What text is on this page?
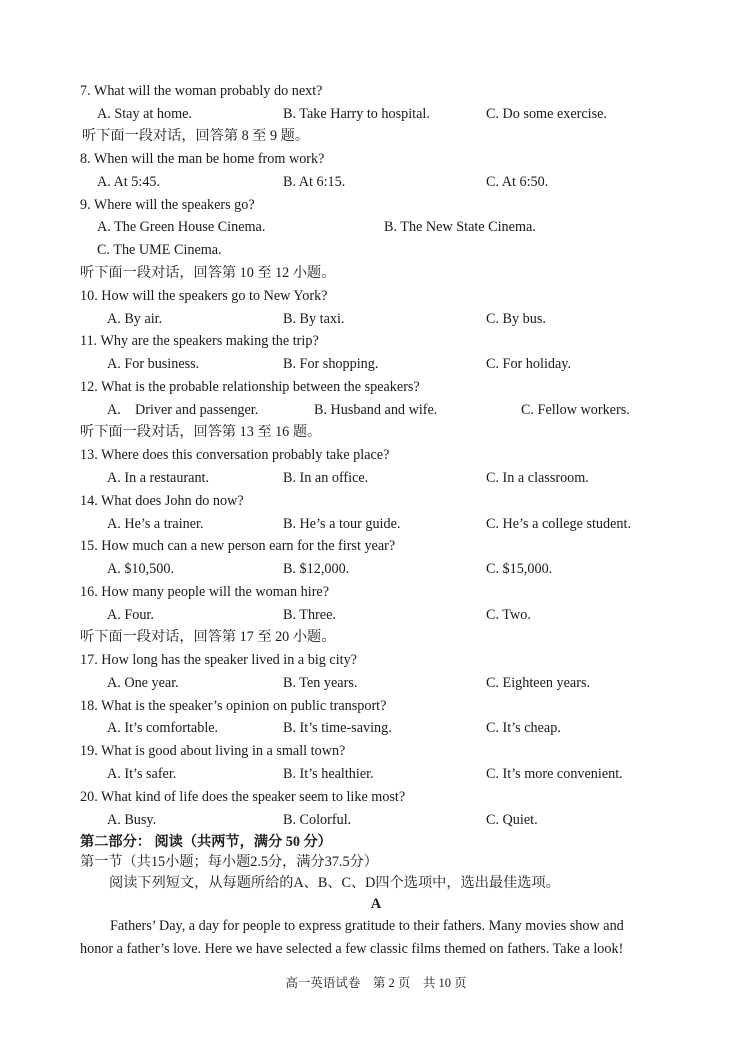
7. What will the woman probably do next?
A. Stay at home.	B. Take Harry to hospital.	C. Do some exercise.
听下面一段对话，回答第 8 至 9 题。
8. When will the man be home from work?
A. At 5:45.	B. At 6:15.	C. At 6:50.
9. Where will the speakers go?
A. The Green House Cinema.	B. The New State Cinema.
C. The UME Cinema.
听下面一段对话，回答第 10 至 12 小题。
10. How will the speakers go to New York?
A. By air.	B. By taxi.	C. By bus.
11. Why are the speakers making the trip?
A. For business.	B. For shopping.	C. For holiday.
12. What is the probable relationship between the speakers?
A.    Driver and passenger.	B. Husband and wife.	C. Fellow workers.
听下面一段对话，回答第 13 至 16 题。
13. Where does this conversation probably take place?
A. In a restaurant.	B. In an office.	C. In a classroom.
14. What does John do now?
A. He’s a trainer.	B. He’s a tour guide.	C. He’s a college student.
15. How much can a new person earn for the first year?
A. $10,500.	B. $12,000.	C. $15,000.
16. How many people will the woman hire?
A. Four.	B. Three.	C. Two.
听下面一段对话，回答第 17 至 20 小题。
17. How long has the speaker lived in a big city?
A. One year.	B. Ten years.	C. Eighteen years.
18. What is the speaker’s opinion on public transport?
A. It’s comfortable.	B. It’s time-saving.	C. It’s cheap.
19. What is good about living in a small town?
A. It’s safer.	B. It’s healthier.	C. It’s more convenient.
20. What kind of life does the speaker seem to like most?
A. Busy.	B. Colorful.	C. Quiet.
第二部分： 阅读（共两节，满分 50 分）
第一节（共15小题；每小题2.5分，满分37.5分）
阅读下列短文，从每题所给的A、B、C、D四个选项中，选出最佳选项。
A
Fathers’ Day, a day for people to express gratitude to their fathers. Many movies show and
honor a father’s love. Here we have selected a few classic films themed on fathers. Take a look!
高一英语试卷　第 2 页　共 10 页
